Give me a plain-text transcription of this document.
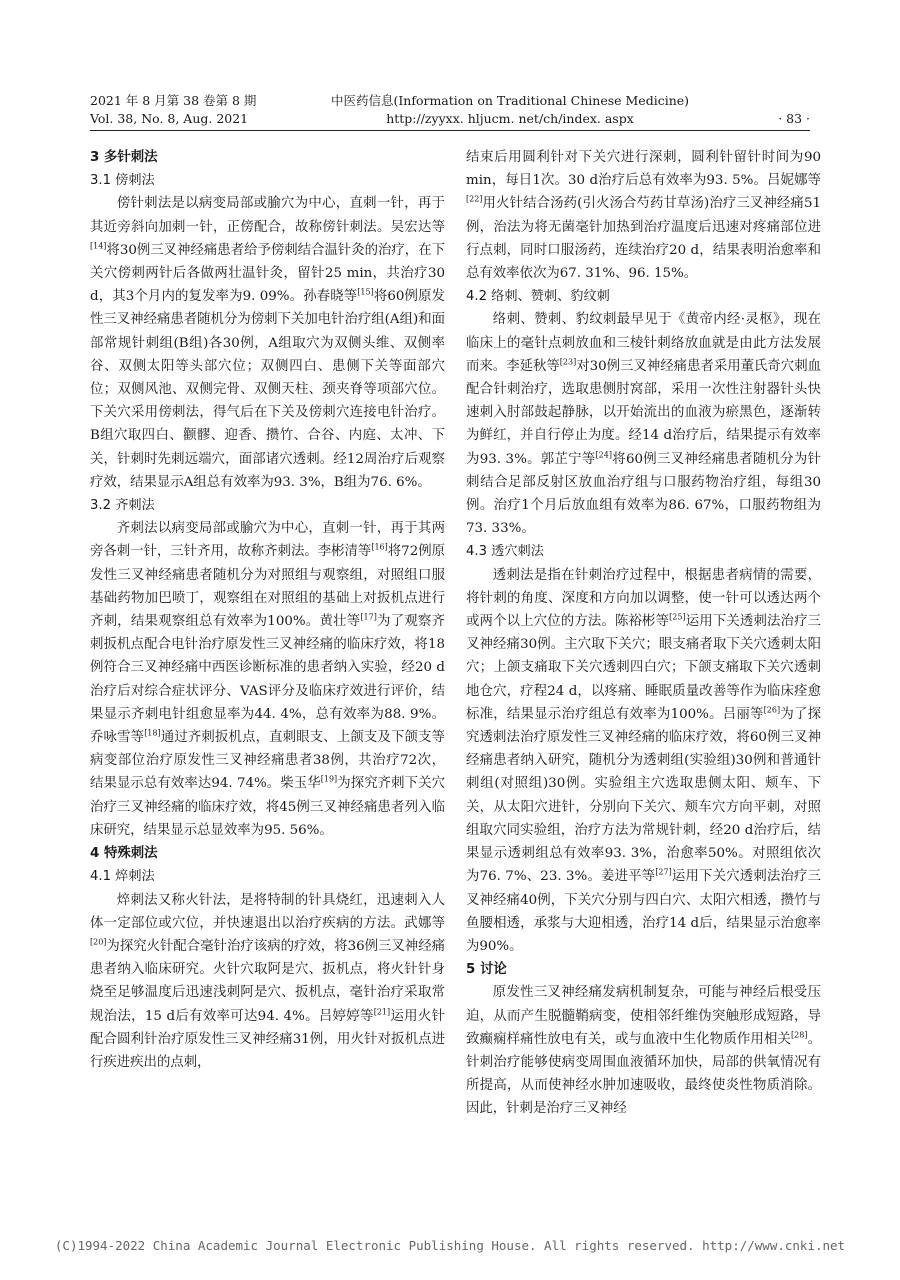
2021 年 8 月第 38 卷第 8 期
Vol. 38, No. 8, Aug. 2021
中医药信息(Information on Traditional Chinese Medicine)
http://zyyxx. hljucm. net/ch/index. aspx	· 83 ·

3 多针刺法

3.1 傍刺法

傍针刺法是以病变局部或腧穴为中心，直刺一针，再于其近旁斜向加刺一针，正傍配合，故称傍针刺法。吴宏达等[14]将30例三叉神经痛患者给予傍刺结合温针灸的治疗，在下关穴傍刺两针后各做两壮温针灸，留针25 min，共治疗30 d，其3个月内的复发率为9. 09%。孙春晓等[15]将60例原发性三叉神经痛患者随机分为傍刺下关加电针治疗组(A组)和面部常规针刺组(B组)各30例，A组取穴为双侧头维、双侧率谷、双侧太阳等头部穴位；双侧四白、患侧下关等面部穴位；双侧风池、双侧完骨、双侧天柱、颈夹脊等项部穴位。下关穴采用傍刺法，得气后在下关及傍刺穴连接电针治疗。B组穴取四白、颧髎、迎香、攒竹、合谷、内庭、太冲、下关，针刺时先刺远端穴，面部诸穴透刺。经12周治疗后观察疗效，结果显示A组总有效率为93. 3%，B组为76. 6%。

3.2 齐刺法

齐刺法以病变局部或腧穴为中心，直刺一针，再于其两旁各刺一针，三针齐用，故称齐刺法。李彬清等[16]将72例原发性三叉神经痛患者随机分为对照组与观察组，对照组口服基础药物加巴喷丁，观察组在对照组的基础上对扳机点进行齐刺，结果观察组总有效率为100%。黄壮等[17]为了观察齐刺扳机点配合电针治疗原发性三叉神经痛的临床疗效，将18例符合三叉神经痛中西医诊断标准的患者纳入实验，经20 d治疗后对综合症状评分、VAS评分及临床疗效进行评价，结果显示齐刺电针组愈显率为44. 4%，总有效率为88. 9%。乔咏雪等[18]通过齐刺扳机点，直刺眼支、上颌支及下颌支等病变部位治疗原发性三叉神经痛患者38例，共治疗72次，结果显示总有效率达94. 74%。柴玉华[19]为探究齐刺下关穴治疗三叉神经痛的临床疗效，将45例三叉神经痛患者列入临床研究，结果显示总显效率为95. 56%。

4 特殊刺法

4.1 焠刺法

焠刺法又称火针法，是将特制的针具烧红，迅速刺入人体一定部位或穴位，并快速退出以治疗疾病的方法。武娜等[20]为探究火针配合毫针治疗该病的疗效，将36例三叉神经痛患者纳入临床研究。火针穴取阿是穴、扳机点，将火针针身烧至足够温度后迅速浅刺阿是穴、扳机点，毫针治疗采取常规治法，15 d后有效率可达94. 4%。吕婷婷等[21]运用火针配合圆利针治疗原发性三叉神经痛31例，用火针对扳机点进行疾进疾出的点刺，

结束后用圆利针对下关穴进行深刺，圆利针留针时间为90 min，每日1次。30 d治疗后总有效率为93. 5%。吕妮娜等[22]用火针结合汤药(引火汤合芍药甘草汤)治疗三叉神经痛51例，治法为将无菌毫针加热到治疗温度后迅速对疼痛部位进行点刺，同时口服汤药，连续治疗20 d，结果表明治愈率和总有效率依次为67. 31%、96. 15%。

4.2 络刺、赞刺、豹纹刺

络刺、赞刺、豹纹刺最早见于《黄帝内经·灵枢》，现在临床上的毫针点刺放血和三棱针刺络放血就是由此方法发展而来。李延秋等[23]对30例三叉神经痛患者采用董氏奇穴刺血配合针刺治疗，选取患侧肘窝部，采用一次性注射器针头快速刺入肘部鼓起静脉，以开始流出的血液为瘀黑色，逐渐转为鲜红，并自行停止为度。经14 d治疗后，结果提示有效率为93. 3%。郭芷宁等[24]将60例三叉神经痛患者随机分为针刺结合足部反射区放血治疗组与口服药物治疗组，每组30例。治疗1个月后放血组有效率为86. 67%，口服药物组为73. 33%。

4.3 透穴刺法

透刺法是指在针刺治疗过程中，根据患者病情的需要，将针刺的角度、深度和方向加以调整，使一针可以透达两个或两个以上穴位的方法。陈裕彬等[25]运用下关透刺法治疗三叉神经痛30例。主穴取下关穴；眼支痛者取下关穴透刺太阳穴；上颌支痛取下关穴透刺四白穴；下颌支痛取下关穴透刺地仓穴，疗程24 d，以疼痛、睡眠质量改善等作为临床痊愈标准，结果显示治疗组总有效率为100%。吕丽等[26]为了探究透刺法治疗原发性三叉神经痛的临床疗效，将60例三叉神经痛患者纳入研究，随机分为透刺组(实验组)30例和普通针刺组(对照组)30例。实验组主穴选取患侧太阳、颊车、下关，从太阳穴进针，分别向下关穴、颊车穴方向平刺，对照组取穴同实验组，治疗方法为常规针刺，经20 d治疗后，结果显示透刺组总有效率93. 3%，治愈率50%。对照组依次为76. 7%、23. 3%。姜进平等[27]运用下关穴透刺法治疗三叉神经痛40例，下关穴分别与四白穴、太阳穴相透，攒竹与鱼腰相透，承浆与大迎相透，治疗14 d后，结果显示治愈率为90%。

5 讨论

原发性三叉神经痛发病机制复杂，可能与神经后根受压迫，从而产生脱髓鞘病变，使相邻纤维伪突触形成短路，导致癫痫样痛性放电有关，或与血液中生化物质作用相关[28]。针刺治疗能够使病变周围血液循环加快，局部的供氧情况有所提高，从而使神经水肿加速吸收，最终使炎性物质消除。因此，针刺是治疗三叉神经

(C)1994-2022 China Academic Journal Electronic Publishing House. All rights reserved. http://www.cnki.net
